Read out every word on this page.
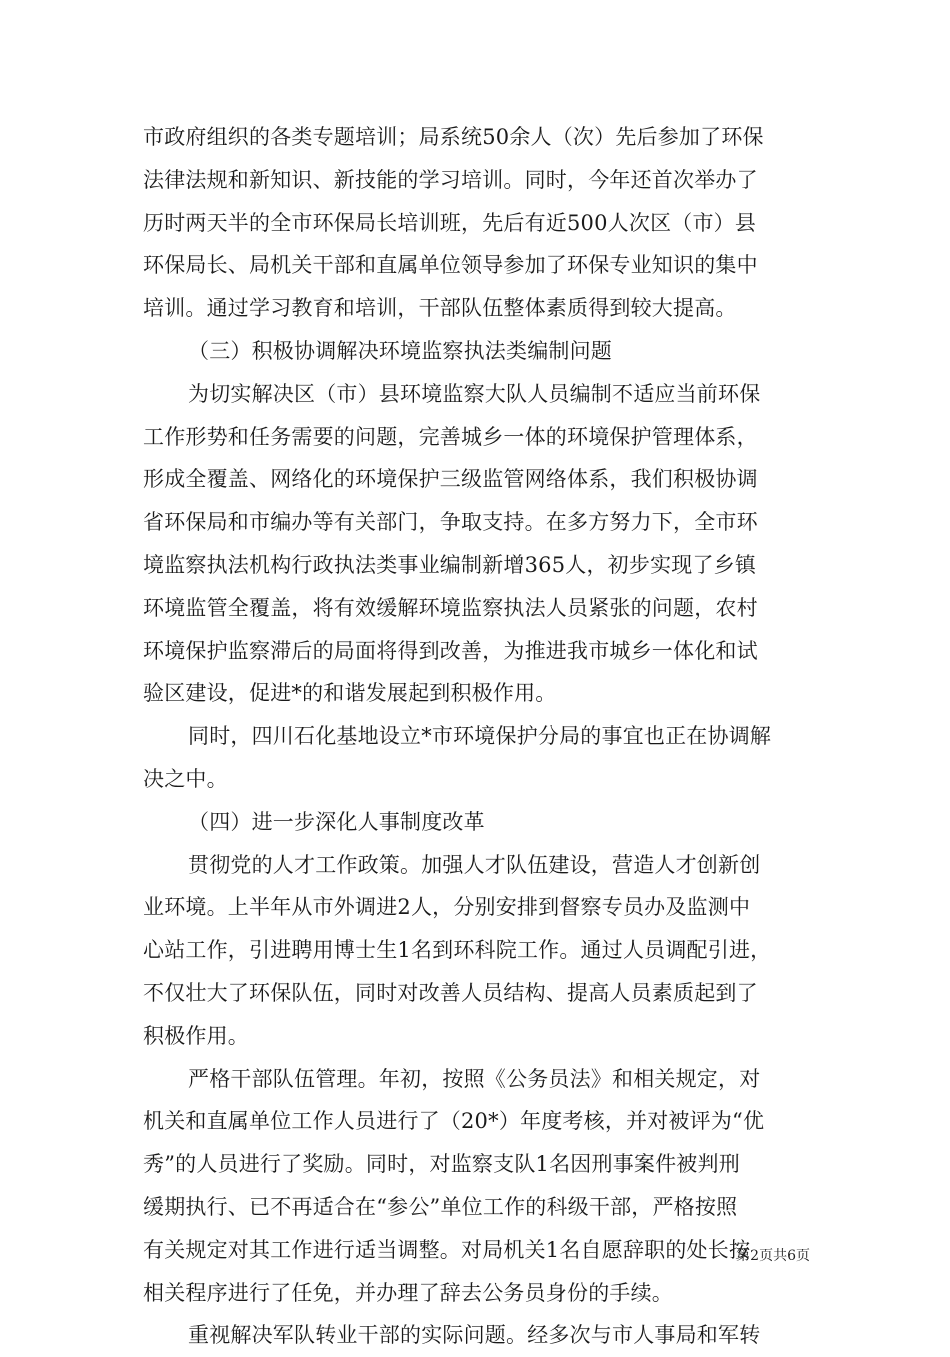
市政府组织的各类专题培训；局系统50余人（次）先后参加了环保
法律法规和新知识、新技能的学习培训。同时，今年还首次举办了
历时两天半的全市环保局长培训班，先后有近500人次区（市）县
环保局长、局机关干部和直属单位领导参加了环保专业知识的集中
培训。通过学习教育和培训，干部队伍整体素质得到较大提高。
（三）积极协调解决环境监察执法类编制问题
为切实解决区（市）县环境监察大队人员编制不适应当前环保
工作形势和任务需要的问题，完善城乡一体的环境保护管理体系，
形成全覆盖、网络化的环境保护三级监管网络体系，我们积极协调
省环保局和市编办等有关部门，争取支持。在多方努力下，全市环
境监察执法机构行政执法类事业编制新增365人，初步实现了乡镇
环境监管全覆盖，将有效缓解环境监察执法人员紧张的问题，农村
环境保护监察滞后的局面将得到改善，为推进我市城乡一体化和试
验区建设，促进*的和谐发展起到积极作用。
同时，四川石化基地设立*市环境保护分局的事宜也正在协调解
决之中。
（四）进一步深化人事制度改革
贯彻党的人才工作政策。加强人才队伍建设，营造人才创新创
业环境。上半年从市外调进2人，分别安排到督察专员办及监测中
心站工作，引进聘用博士生1名到环科院工作。通过人员调配引进，
不仅壮大了环保队伍，同时对改善人员结构、提高人员素质起到了
积极作用。
严格干部队伍管理。年初，按照《公务员法》和相关规定，对
机关和直属单位工作人员进行了（20*）年度考核，并对被评为“优
秀”的人员进行了奖励。同时，对监察支队1名因刑事案件被判刑
缓期执行、已不再适合在“参公”单位工作的科级干部，严格按照
有关规定对其工作进行适当调整。对局机关1名自愿辞职的处长按
相关程序进行了任免，并办理了辞去公务员身份的手续。
重视解决军队转业干部的实际问题。经多次与市人事局和军转
第2页共6页
